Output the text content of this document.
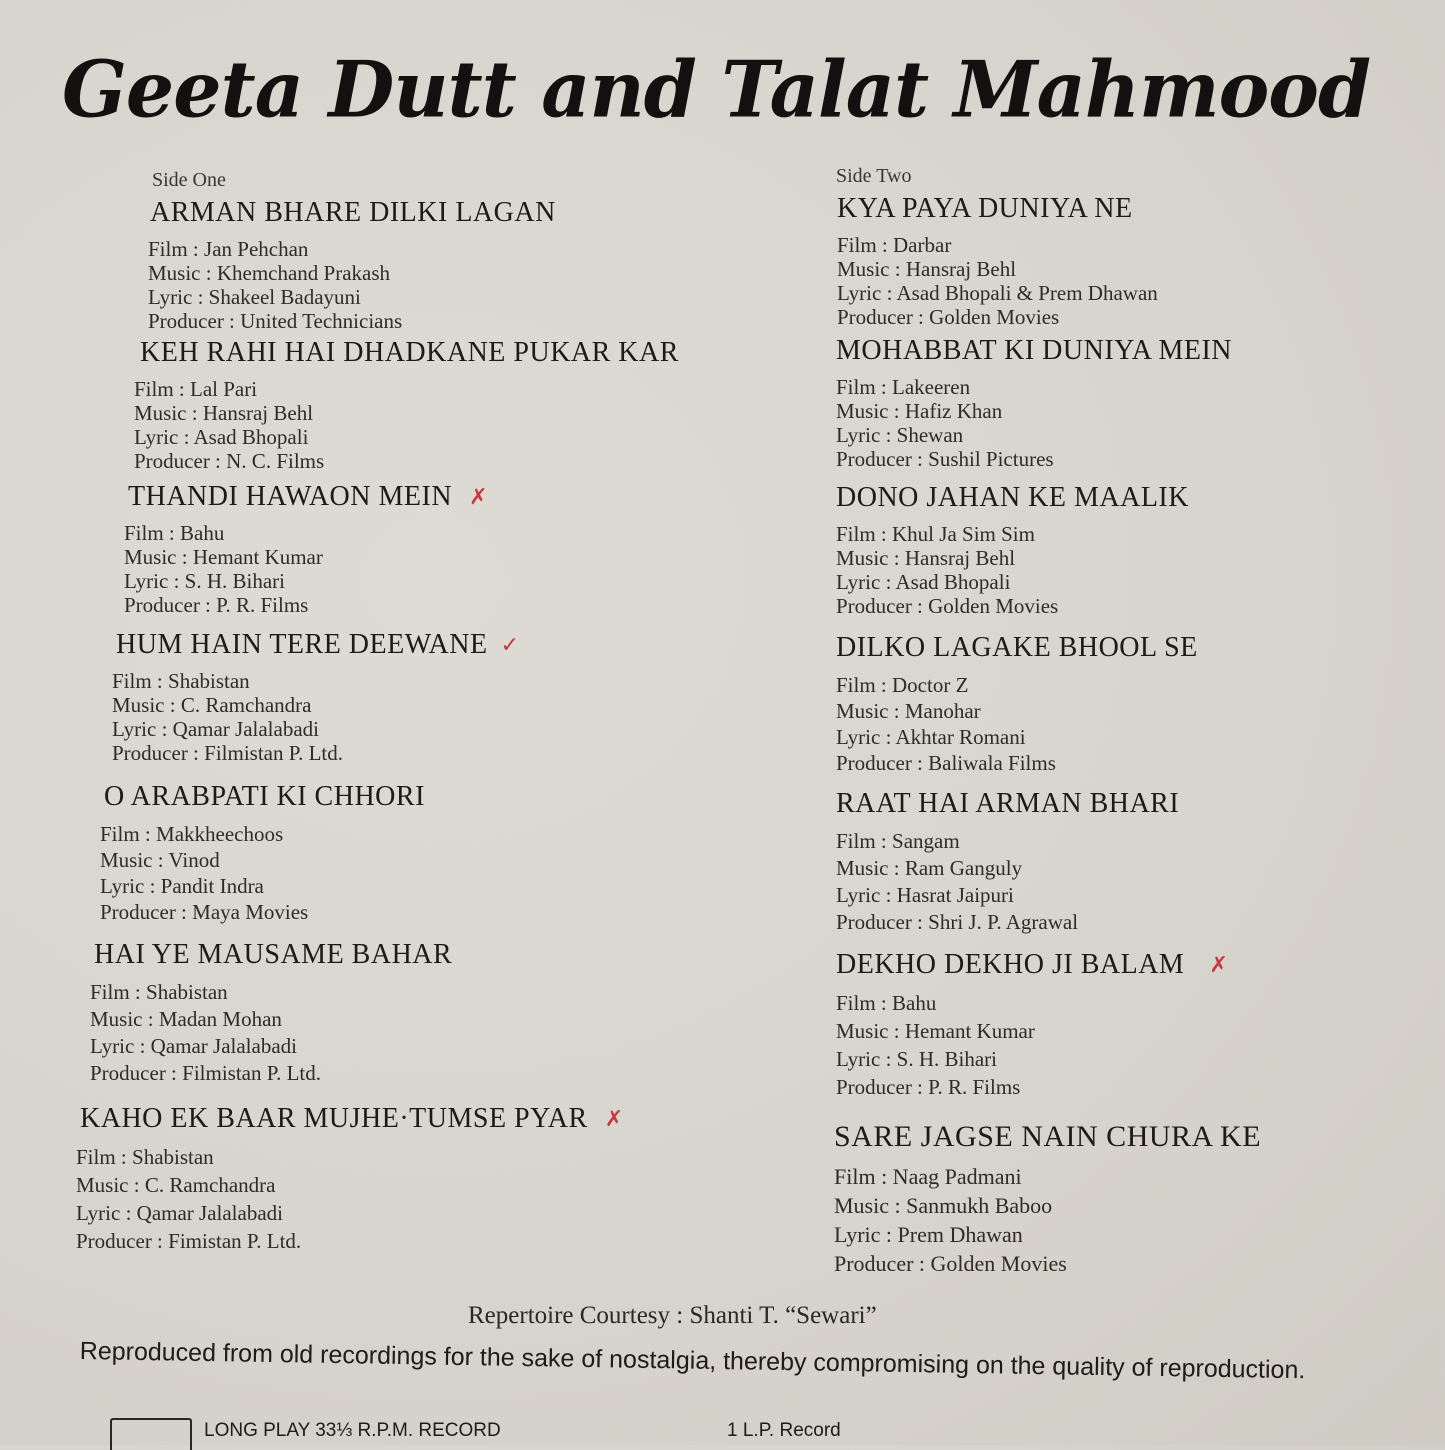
Geeta Dutt and Talat Mahmood
Side One	Side Two
ARMAN BHARE DILKI LAGAN
Film : Jan Pehchan
Music : Khemchand Prakash
Lyric : Shakeel Badayuni
Producer : United Technicians
KEH RAHI HAI DHADKANE PUKAR KAR
Film : Lal Pari
Music : Hansraj Behl
Lyric : Asad Bhopali
Producer : N. C. Films
THANDI HAWAON MEIN ✗
Film : Bahu
Music : Hemant Kumar
Lyric : S. H. Bihari
Producer : P. R. Films
HUM HAIN TERE DEEWANE ✓
Film : Shabistan
Music : C. Ramchandra
Lyric : Qamar Jalalabadi
Producer : Filmistan P. Ltd.
O ARABPATI KI CHHORI
Film : Makkheechoos
Music : Vinod
Lyric : Pandit Indra
Producer : Maya Movies
HAI YE MAUSAME BAHAR
Film : Shabistan
Music : Madan Mohan
Lyric : Qamar Jalalabadi
Producer : Filmistan P. Ltd.
KAHO EK BAAR MUJHE·TUMSE PYAR ✗
Film : Shabistan
Music : C. Ramchandra
Lyric : Qamar Jalalabadi
Producer : Fimistan P. Ltd.
KYA PAYA DUNIYA NE
Film : Darbar
Music : Hansraj Behl
Lyric : Asad Bhopali & Prem Dhawan
Producer : Golden Movies
MOHABBAT KI DUNIYA MEIN
Film : Lakeeren
Music : Hafiz Khan
Lyric : Shewan
Producer : Sushil Pictures
DONO JAHAN KE MAALIK
Film : Khul Ja Sim Sim
Music : Hansraj Behl
Lyric : Asad Bhopali
Producer : Golden Movies
DILKO LAGAKE BHOOL SE
Film : Doctor Z
Music : Manohar
Lyric : Akhtar Romani
Producer : Baliwala Films
RAAT HAI ARMAN BHARI
Film : Sangam
Music : Ram Ganguly
Lyric : Hasrat Jaipuri
Producer : Shri J. P. Agrawal
DEKHO DEKHO JI BALAM ✗
Film : Bahu
Music : Hemant Kumar
Lyric : S. H. Bihari
Producer : P. R. Films
SARE JAGSE NAIN CHURA KE
Film : Naag Padmani
Music : Sanmukh Baboo
Lyric : Prem Dhawan
Producer : Golden Movies
Repertoire Courtesy : Shanti T. “Sewari”
Reproduced from old recordings for the sake of nostalgia, thereby compromising on the quality of reproduction.
LONG PLAY 33⅓ R.P.M. RECORD	1 L.P. Record
